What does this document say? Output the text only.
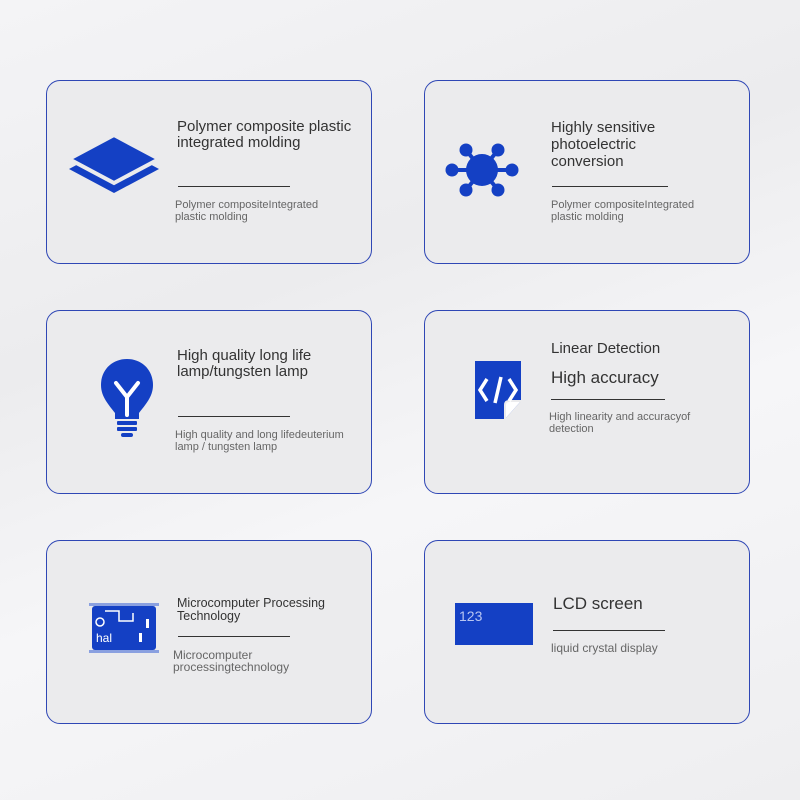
Polymer composite plastic integrated molding
Polymer compositeIntegrated plastic molding
Highly sensitive photoelectric conversion
Polymer compositeIntegrated plastic molding
High quality long life lamp/tungsten lamp
High quality and long lifedeuterium lamp / tungsten lamp
Linear Detection
High accuracy
High linearity and accuracyof detection
hal
Microcomputer Processing Technology
Microcomputer processingtechnology
123
LCD screen
liquid crystal display
